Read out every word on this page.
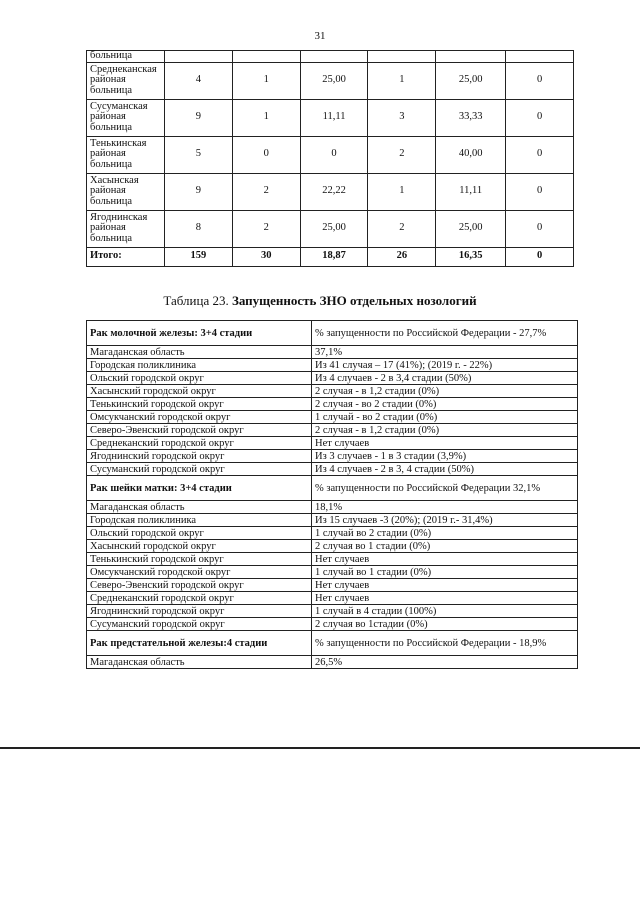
31
больница						
Среднеканская районая больница	4	1	25,00	1	25,00	0
Сусуманская районая больница	9	1	11,11	3	33,33	0
Тенькинская районая больница	5	0	0	2	40,00	0
Хасынская районая больница	9	2	22,22	1	11,11	0
Ягоднинская районая больница	8	2	25,00	2	25,00	0
Итого:	159	30	18,87	26	16,35	0
Таблица 23. Запущенность ЗНО отдельных нозологий
Рак молочной железы: 3+4 стадии	% запущенности по Российской Федерации - 27,7%
Магаданская область	37,1%
Городская поликлиника	Из 41 случая – 17 (41%); (2019 г. - 22%)
Ольский городской округ	Из 4 случаев - 2 в 3,4 стадии (50%)
Хасынский городской округ	2 случая - в 1,2 стадии (0%)
Тенькинский городской округ	2 случая - во 2 стадии (0%)
Омсукчанский городской округ	1 случай - во 2 стадии (0%)
Северо-Эвенский городской округ	2 случая - в 1,2 стадии (0%)
Среднеканский городской округ	Нет случаев
Ягоднинский городской округ	Из 3 случаев - 1 в 3 стадии (3,9%)
Сусуманский городской округ	Из 4 случаев - 2 в 3, 4 стадии (50%)
Рак шейки матки: 3+4 стадии	% запущенности по Российской Федерации 32,1%
Магаданская область	18,1%
Городская поликлиника	Из 15 случаев -3 (20%); (2019 г.- 31,4%)
Ольский городской округ	1 случай во 2 стадии (0%)
Хасынский городской округ	2 случая во 1 стадии (0%)
Тенькинский городской округ	Нет случаев
Омсукчанский городской округ	1 случай во 1 стадии (0%)
Северо-Эвенский городской округ	Нет случаев
Среднеканский городской округ	Нет случаев
Ягоднинский городской округ	1 случай в 4 стадии (100%)
Сусуманский городской округ	2 случая во 1стадии (0%)
Рак предстательной железы:4 стадии	% запущенности по Российской Федерации - 18,9%
Магаданская область	26,5%
